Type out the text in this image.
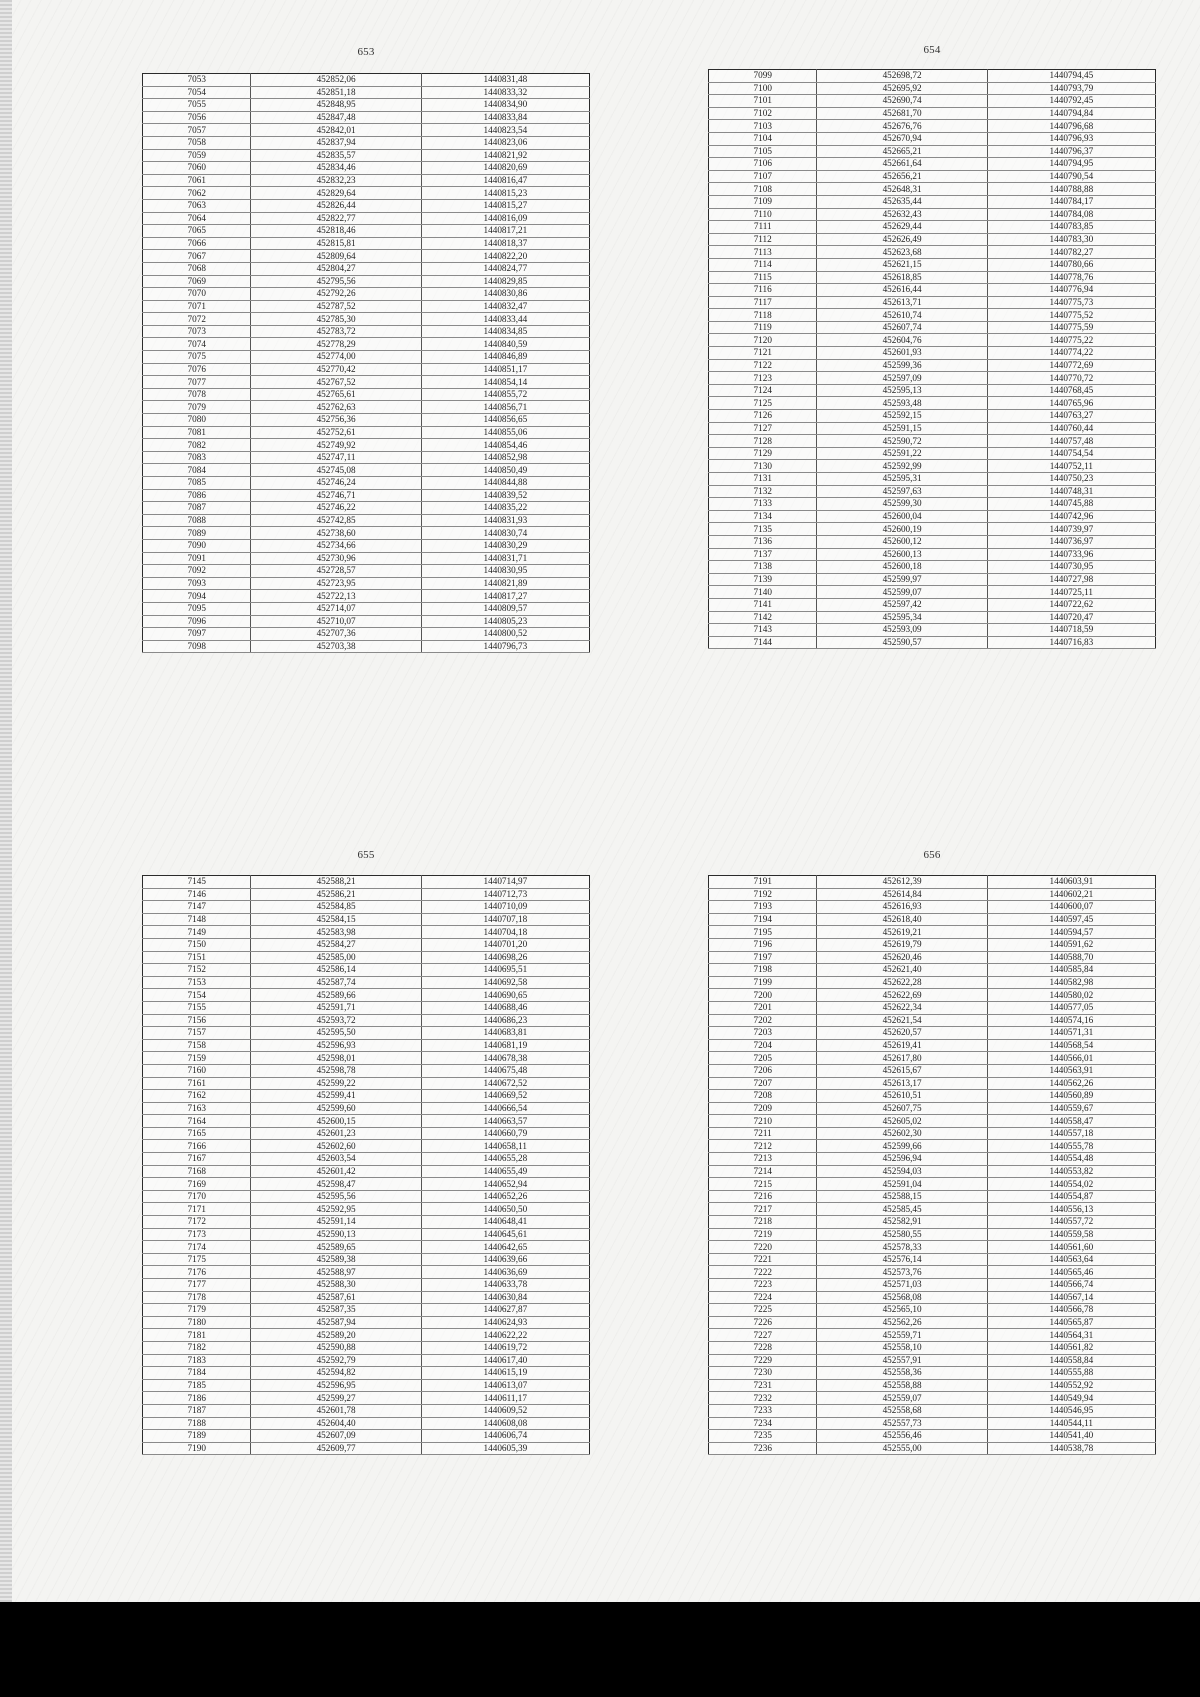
653
7053	452852,06	1440831,48
7054	452851,18	1440833,32
7055	452848,95	1440834,90
7056	452847,48	1440833,84
7057	452842,01	1440823,54
7058	452837,94	1440823,06
7059	452835,57	1440821,92
7060	452834,46	1440820,69
7061	452832,23	1440816,47
7062	452829,64	1440815,23
7063	452826,44	1440815,27
7064	452822,77	1440816,09
7065	452818,46	1440817,21
7066	452815,81	1440818,37
7067	452809,64	1440822,20
7068	452804,27	1440824,77
7069	452795,56	1440829,85
7070	452792,26	1440830,86
7071	452787,52	1440832,47
7072	452785,30	1440833,44
7073	452783,72	1440834,85
7074	452778,29	1440840,59
7075	452774,00	1440846,89
7076	452770,42	1440851,17
7077	452767,52	1440854,14
7078	452765,61	1440855,72
7079	452762,63	1440856,71
7080	452756,36	1440856,65
7081	452752,61	1440855,06
7082	452749,92	1440854,46
7083	452747,11	1440852,98
7084	452745,08	1440850,49
7085	452746,24	1440844,88
7086	452746,71	1440839,52
7087	452746,22	1440835,22
7088	452742,85	1440831,93
7089	452738,60	1440830,74
7090	452734,66	1440830,29
7091	452730,96	1440831,71
7092	452728,57	1440830,95
7093	452723,95	1440821,89
7094	452722,13	1440817,27
7095	452714,07	1440809,57
7096	452710,07	1440805,23
7097	452707,36	1440800,52
7098	452703,38	1440796,73
654
7099	452698,72	1440794,45
7100	452695,92	1440793,79
7101	452690,74	1440792,45
7102	452681,70	1440794,84
7103	452676,76	1440796,68
7104	452670,94	1440796,93
7105	452665,21	1440796,37
7106	452661,64	1440794,95
7107	452656,21	1440790,54
7108	452648,31	1440788,88
7109	452635,44	1440784,17
7110	452632,43	1440784,08
7111	452629,44	1440783,85
7112	452626,49	1440783,30
7113	452623,68	1440782,27
7114	452621,15	1440780,66
7115	452618,85	1440778,76
7116	452616,44	1440776,94
7117	452613,71	1440775,73
7118	452610,74	1440775,52
7119	452607,74	1440775,59
7120	452604,76	1440775,22
7121	452601,93	1440774,22
7122	452599,36	1440772,69
7123	452597,09	1440770,72
7124	452595,13	1440768,45
7125	452593,48	1440765,96
7126	452592,15	1440763,27
7127	452591,15	1440760,44
7128	452590,72	1440757,48
7129	452591,22	1440754,54
7130	452592,99	1440752,11
7131	452595,31	1440750,23
7132	452597,63	1440748,31
7133	452599,30	1440745,88
7134	452600,04	1440742,96
7135	452600,19	1440739,97
7136	452600,12	1440736,97
7137	452600,13	1440733,96
7138	452600,18	1440730,95
7139	452599,97	1440727,98
7140	452599,07	1440725,11
7141	452597,42	1440722,62
7142	452595,34	1440720,47
7143	452593,09	1440718,59
7144	452590,57	1440716,83
655
7145	452588,21	1440714,97
7146	452586,21	1440712,73
7147	452584,85	1440710,09
7148	452584,15	1440707,18
7149	452583,98	1440704,18
7150	452584,27	1440701,20
7151	452585,00	1440698,26
7152	452586,14	1440695,51
7153	452587,74	1440692,58
7154	452589,66	1440690,65
7155	452591,71	1440688,46
7156	452593,72	1440686,23
7157	452595,50	1440683,81
7158	452596,93	1440681,19
7159	452598,01	1440678,38
7160	452598,78	1440675,48
7161	452599,22	1440672,52
7162	452599,41	1440669,52
7163	452599,60	1440666,54
7164	452600,15	1440663,57
7165	452601,23	1440660,79
7166	452602,60	1440658,11
7167	452603,54	1440655,28
7168	452601,42	1440655,49
7169	452598,47	1440652,94
7170	452595,56	1440652,26
7171	452592,95	1440650,50
7172	452591,14	1440648,41
7173	452590,13	1440645,61
7174	452589,65	1440642,65
7175	452589,38	1440639,66
7176	452588,97	1440636,69
7177	452588,30	1440633,78
7178	452587,61	1440630,84
7179	452587,35	1440627,87
7180	452587,94	1440624,93
7181	452589,20	1440622,22
7182	452590,88	1440619,72
7183	452592,79	1440617,40
7184	452594,82	1440615,19
7185	452596,95	1440613,07
7186	452599,27	1440611,17
7187	452601,78	1440609,52
7188	452604,40	1440608,08
7189	452607,09	1440606,74
7190	452609,77	1440605,39
656
7191	452612,39	1440603,91
7192	452614,84	1440602,21
7193	452616,93	1440600,07
7194	452618,40	1440597,45
7195	452619,21	1440594,57
7196	452619,79	1440591,62
7197	452620,46	1440588,70
7198	452621,40	1440585,84
7199	452622,28	1440582,98
7200	452622,69	1440580,02
7201	452622,34	1440577,05
7202	452621,54	1440574,16
7203	452620,57	1440571,31
7204	452619,41	1440568,54
7205	452617,80	1440566,01
7206	452615,67	1440563,91
7207	452613,17	1440562,26
7208	452610,51	1440560,89
7209	452607,75	1440559,67
7210	452605,02	1440558,47
7211	452602,30	1440557,18
7212	452599,66	1440555,78
7213	452596,94	1440554,48
7214	452594,03	1440553,82
7215	452591,04	1440554,02
7216	452588,15	1440554,87
7217	452585,45	1440556,13
7218	452582,91	1440557,72
7219	452580,55	1440559,58
7220	452578,33	1440561,60
7221	452576,14	1440563,64
7222	452573,76	1440565,46
7223	452571,03	1440566,74
7224	452568,08	1440567,14
7225	452565,10	1440566,78
7226	452562,26	1440565,87
7227	452559,71	1440564,31
7228	452558,10	1440561,82
7229	452557,91	1440558,84
7230	452558,36	1440555,88
7231	452558,88	1440552,92
7232	452559,07	1440549,94
7233	452558,68	1440546,95
7234	452557,73	1440544,11
7235	452556,46	1440541,40
7236	452555,00	1440538,78
